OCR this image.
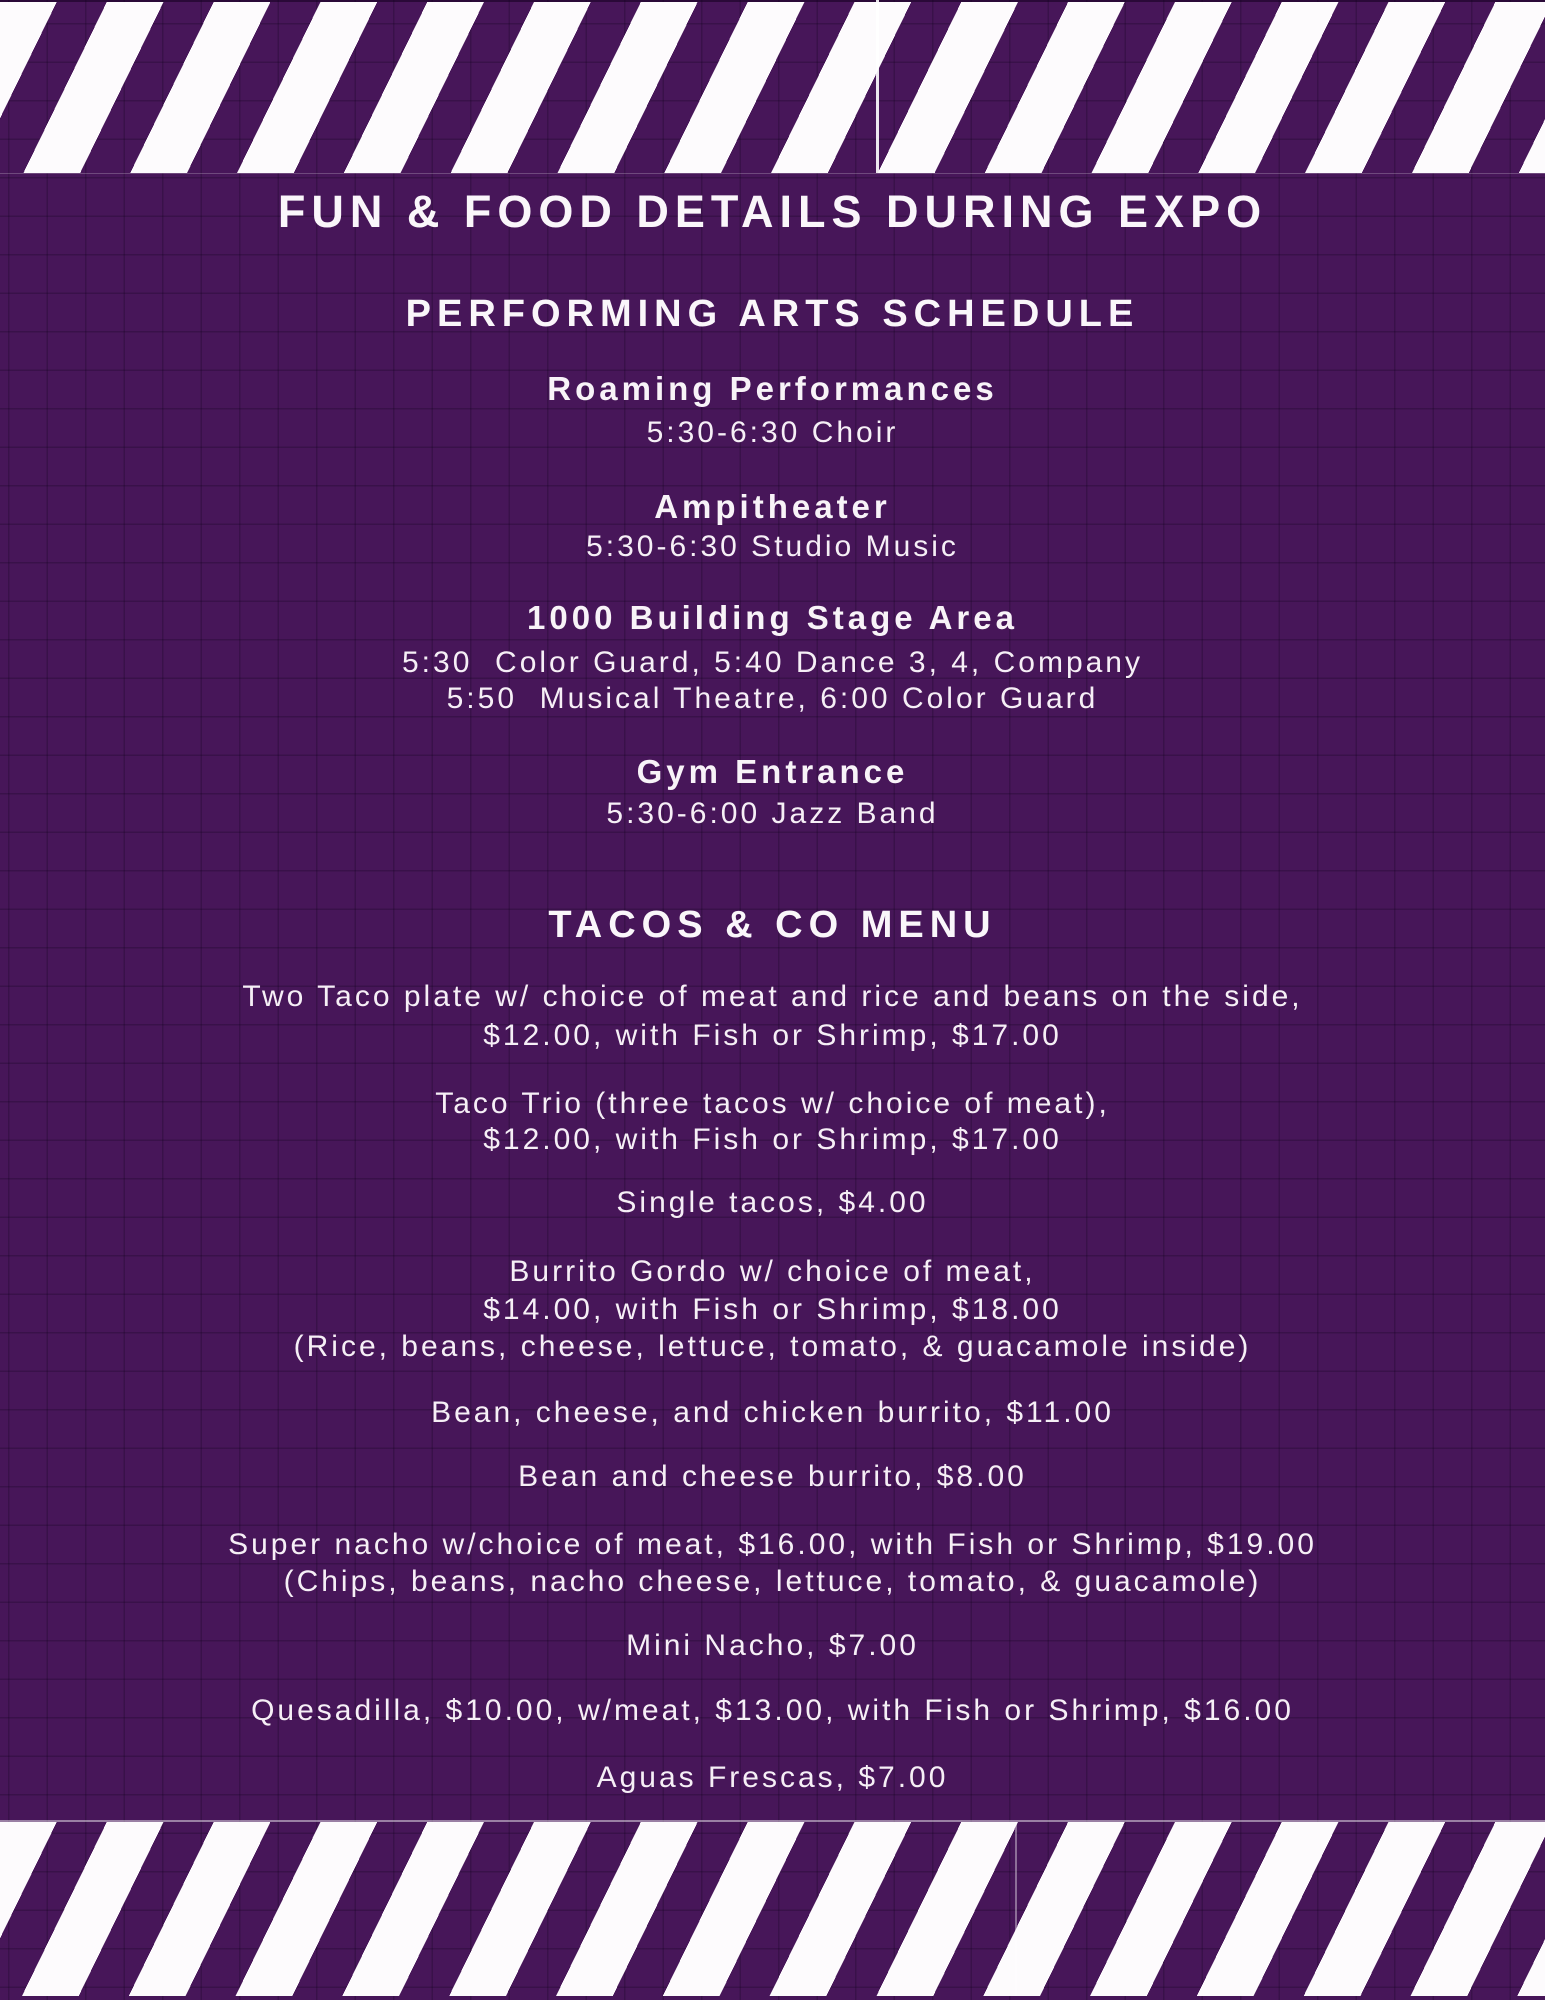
FUN & FOOD DETAILS DURING EXPO
PERFORMING ARTS SCHEDULE
Roaming Performances
5:30-6:30 Choir
Ampitheater
5:30-6:30 Studio Music
1000 Building Stage Area
5:30  Color Guard, 5:40 Dance 3, 4, Company
5:50  Musical Theatre, 6:00 Color Guard
Gym Entrance
5:30-6:00 Jazz Band
TACOS & CO MENU
Two Taco plate w/ choice of meat and rice and beans on the side,
$12.00, with Fish or Shrimp, $17.00
Taco Trio (three tacos w/ choice of meat),
$12.00, with Fish or Shrimp, $17.00
Single tacos, $4.00
Burrito Gordo w/ choice of meat,
$14.00, with Fish or Shrimp, $18.00
(Rice, beans, cheese, lettuce, tomato, & guacamole inside)
Bean, cheese, and chicken burrito, $11.00
Bean and cheese burrito, $8.00
Super nacho w/choice of meat, $16.00, with Fish or Shrimp, $19.00
(Chips, beans, nacho cheese, lettuce, tomato, & guacamole)
Mini Nacho, $7.00
Quesadilla, $10.00, w/meat, $13.00, with Fish or Shrimp, $16.00
Aguas Frescas, $7.00
